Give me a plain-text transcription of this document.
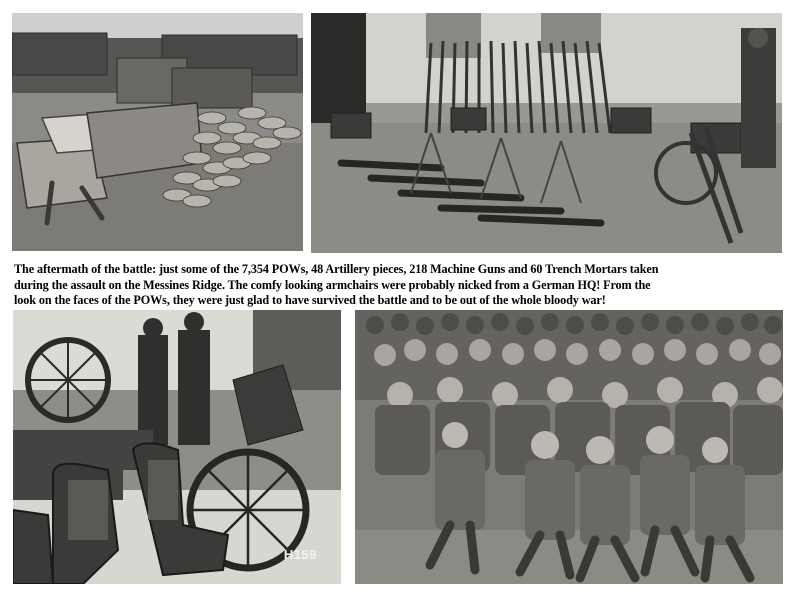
The aftermath of the battle: just some of the 7,354 POWs, 48 Artillery pieces, 218 Machine Guns and 60 Trench Mortars taken
during the assault on the Messines Ridge. The comfy looking armchairs were probably nicked from a German HQ! From the
look on the faces of the POWs, they were just glad to have survived the battle and to be out of the whole bloody war!
H159
